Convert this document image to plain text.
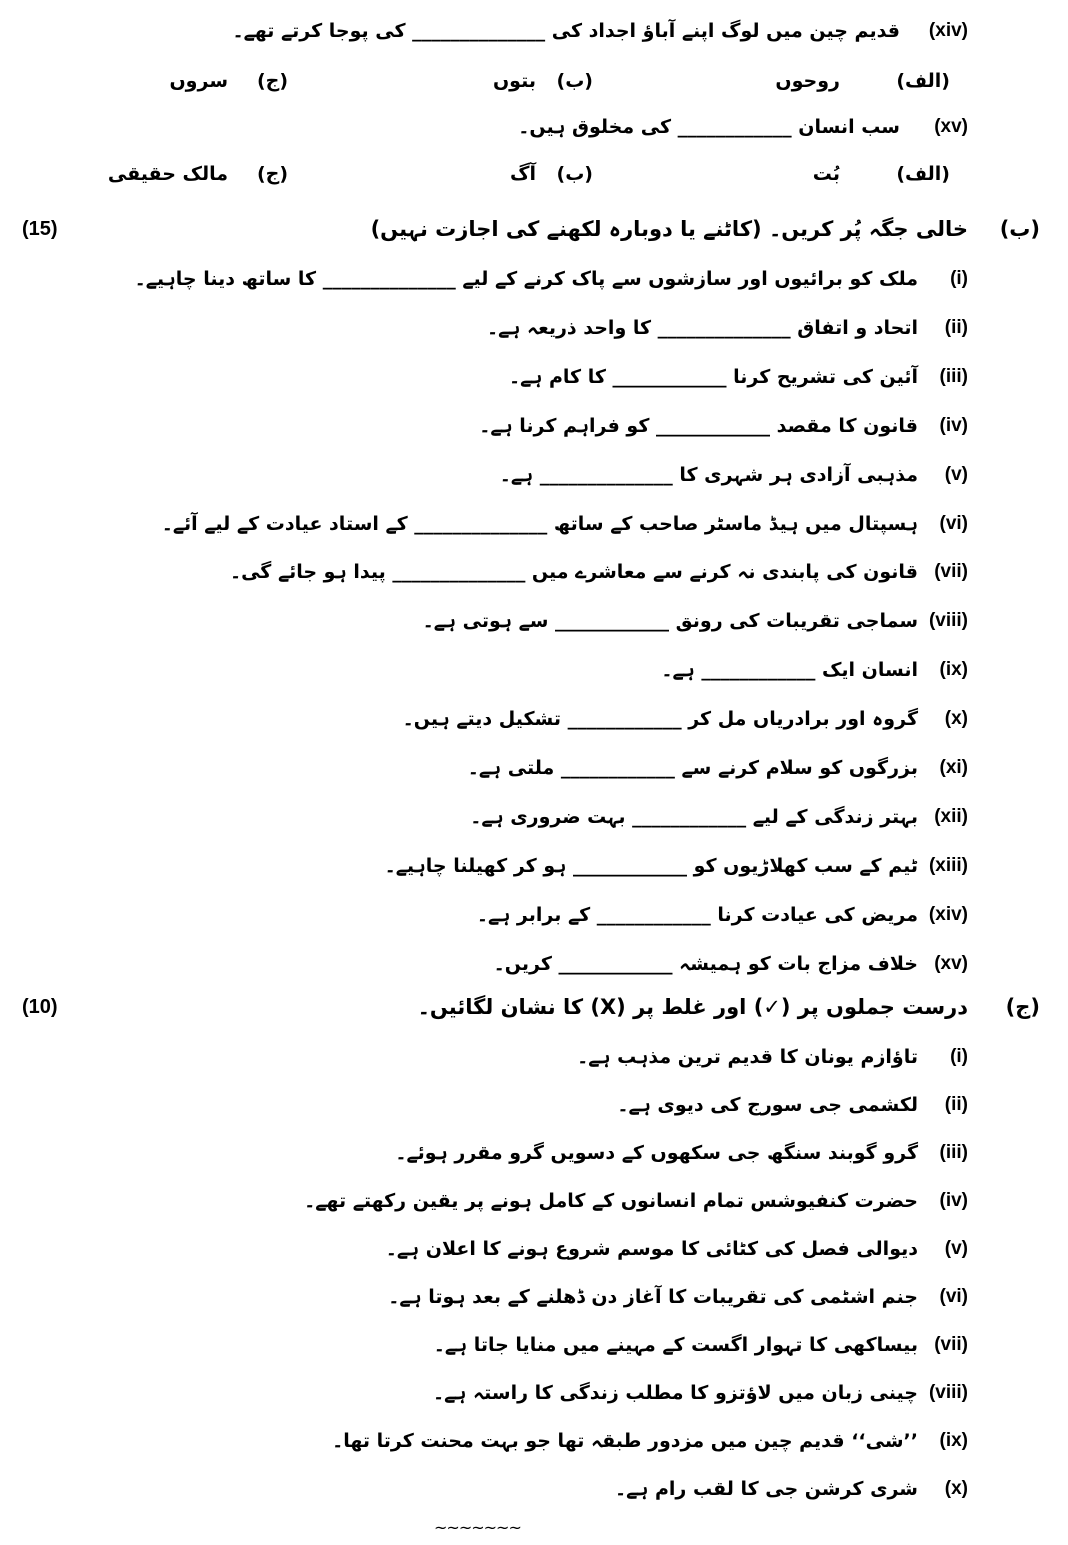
(xiv)
قدیم چین میں لوگ اپنے آباؤ اجداد کی ______________ کی پوجا کرتے تھے۔
(الف)
روحوں
(ب)
بتوں
(ج)
سروں
(xv)
سب انسان ____________ کی مخلوق ہیں۔
(الف)
بُت
(ب)
آگ
(ج)
مالک حقیقی
(ب)
خالی جگہ پُر کریں۔ (کاٹنے یا دوبارہ لکھنے کی اجازت نہیں)
(15)
(i)
ملک کو برائیوں اور سازشوں سے پاک کرنے کے لیے ______________ کا ساتھ دینا چاہیے۔
(ii)
اتحاد و اتفاق ______________ کا واحد ذریعہ ہے۔
(iii)
آئین کی تشریح کرنا ____________ کا کام ہے۔
(iv)
قانون کا مقصد ____________ کو فراہم کرنا ہے۔
(v)
مذہبی آزادی ہر شہری کا ______________ ہے۔
(vi)
ہسپتال میں ہیڈ ماسٹر صاحب کے ساتھ ______________ کے استاد عیادت کے لیے آئے۔
(vii)
قانون کی پابندی نہ کرنے سے معاشرے میں ______________ پیدا ہو جائے گی۔
(viii)
سماجی تقریبات کی رونق ____________ سے ہوتی ہے۔
(ix)
انسان ایک ____________ ہے۔
(x)
گروہ اور برادریاں مل کر ____________ تشکیل دیتے ہیں۔
(xi)
بزرگوں کو سلام کرنے سے ____________ ملتی ہے۔
(xii)
بہتر زندگی کے لیے ____________ بہت ضروری ہے۔
(xiii)
ٹیم کے سب کھلاڑیوں کو ____________ ہو کر کھیلنا چاہیے۔
(xiv)
مریض کی عیادت کرنا ____________ کے برابر ہے۔
(xv)
خلاف مزاج بات کو ہمیشہ ____________ کریں۔
(ج)
درست جملوں پر (✓) اور غلط پر (X) کا نشان لگائیں۔
(10)
(i)
تاؤازم یونان کا قدیم ترین مذہب ہے۔
(ii)
لکشمی جی سورج کی دیوی ہے۔
(iii)
گرو گوبند سنگھ جی سکھوں کے دسویں گرو مقرر ہوئے۔
(iv)
حضرت کنفیوشس تمام انسانوں کے کامل ہونے پر یقین رکھتے تھے۔
(v)
دیوالی فصل کی کٹائی کا موسم شروع ہونے کا اعلان ہے۔
(vi)
جنم اشٹمی کی تقریبات کا آغاز دن ڈھلنے کے بعد ہوتا ہے۔
(vii)
بیساکھی کا تہوار اگست کے مہینے میں منایا جاتا ہے۔
(viii)
چینی زبان میں لاؤتزو کا مطلب زندگی کا راستہ ہے۔
(ix)
’’شی‘‘ قدیم چین میں مزدور طبقہ تھا جو بہت محنت کرتا تھا۔
(x)
شری کرشن جی کا لقب رام ہے۔
~~~~~~~
